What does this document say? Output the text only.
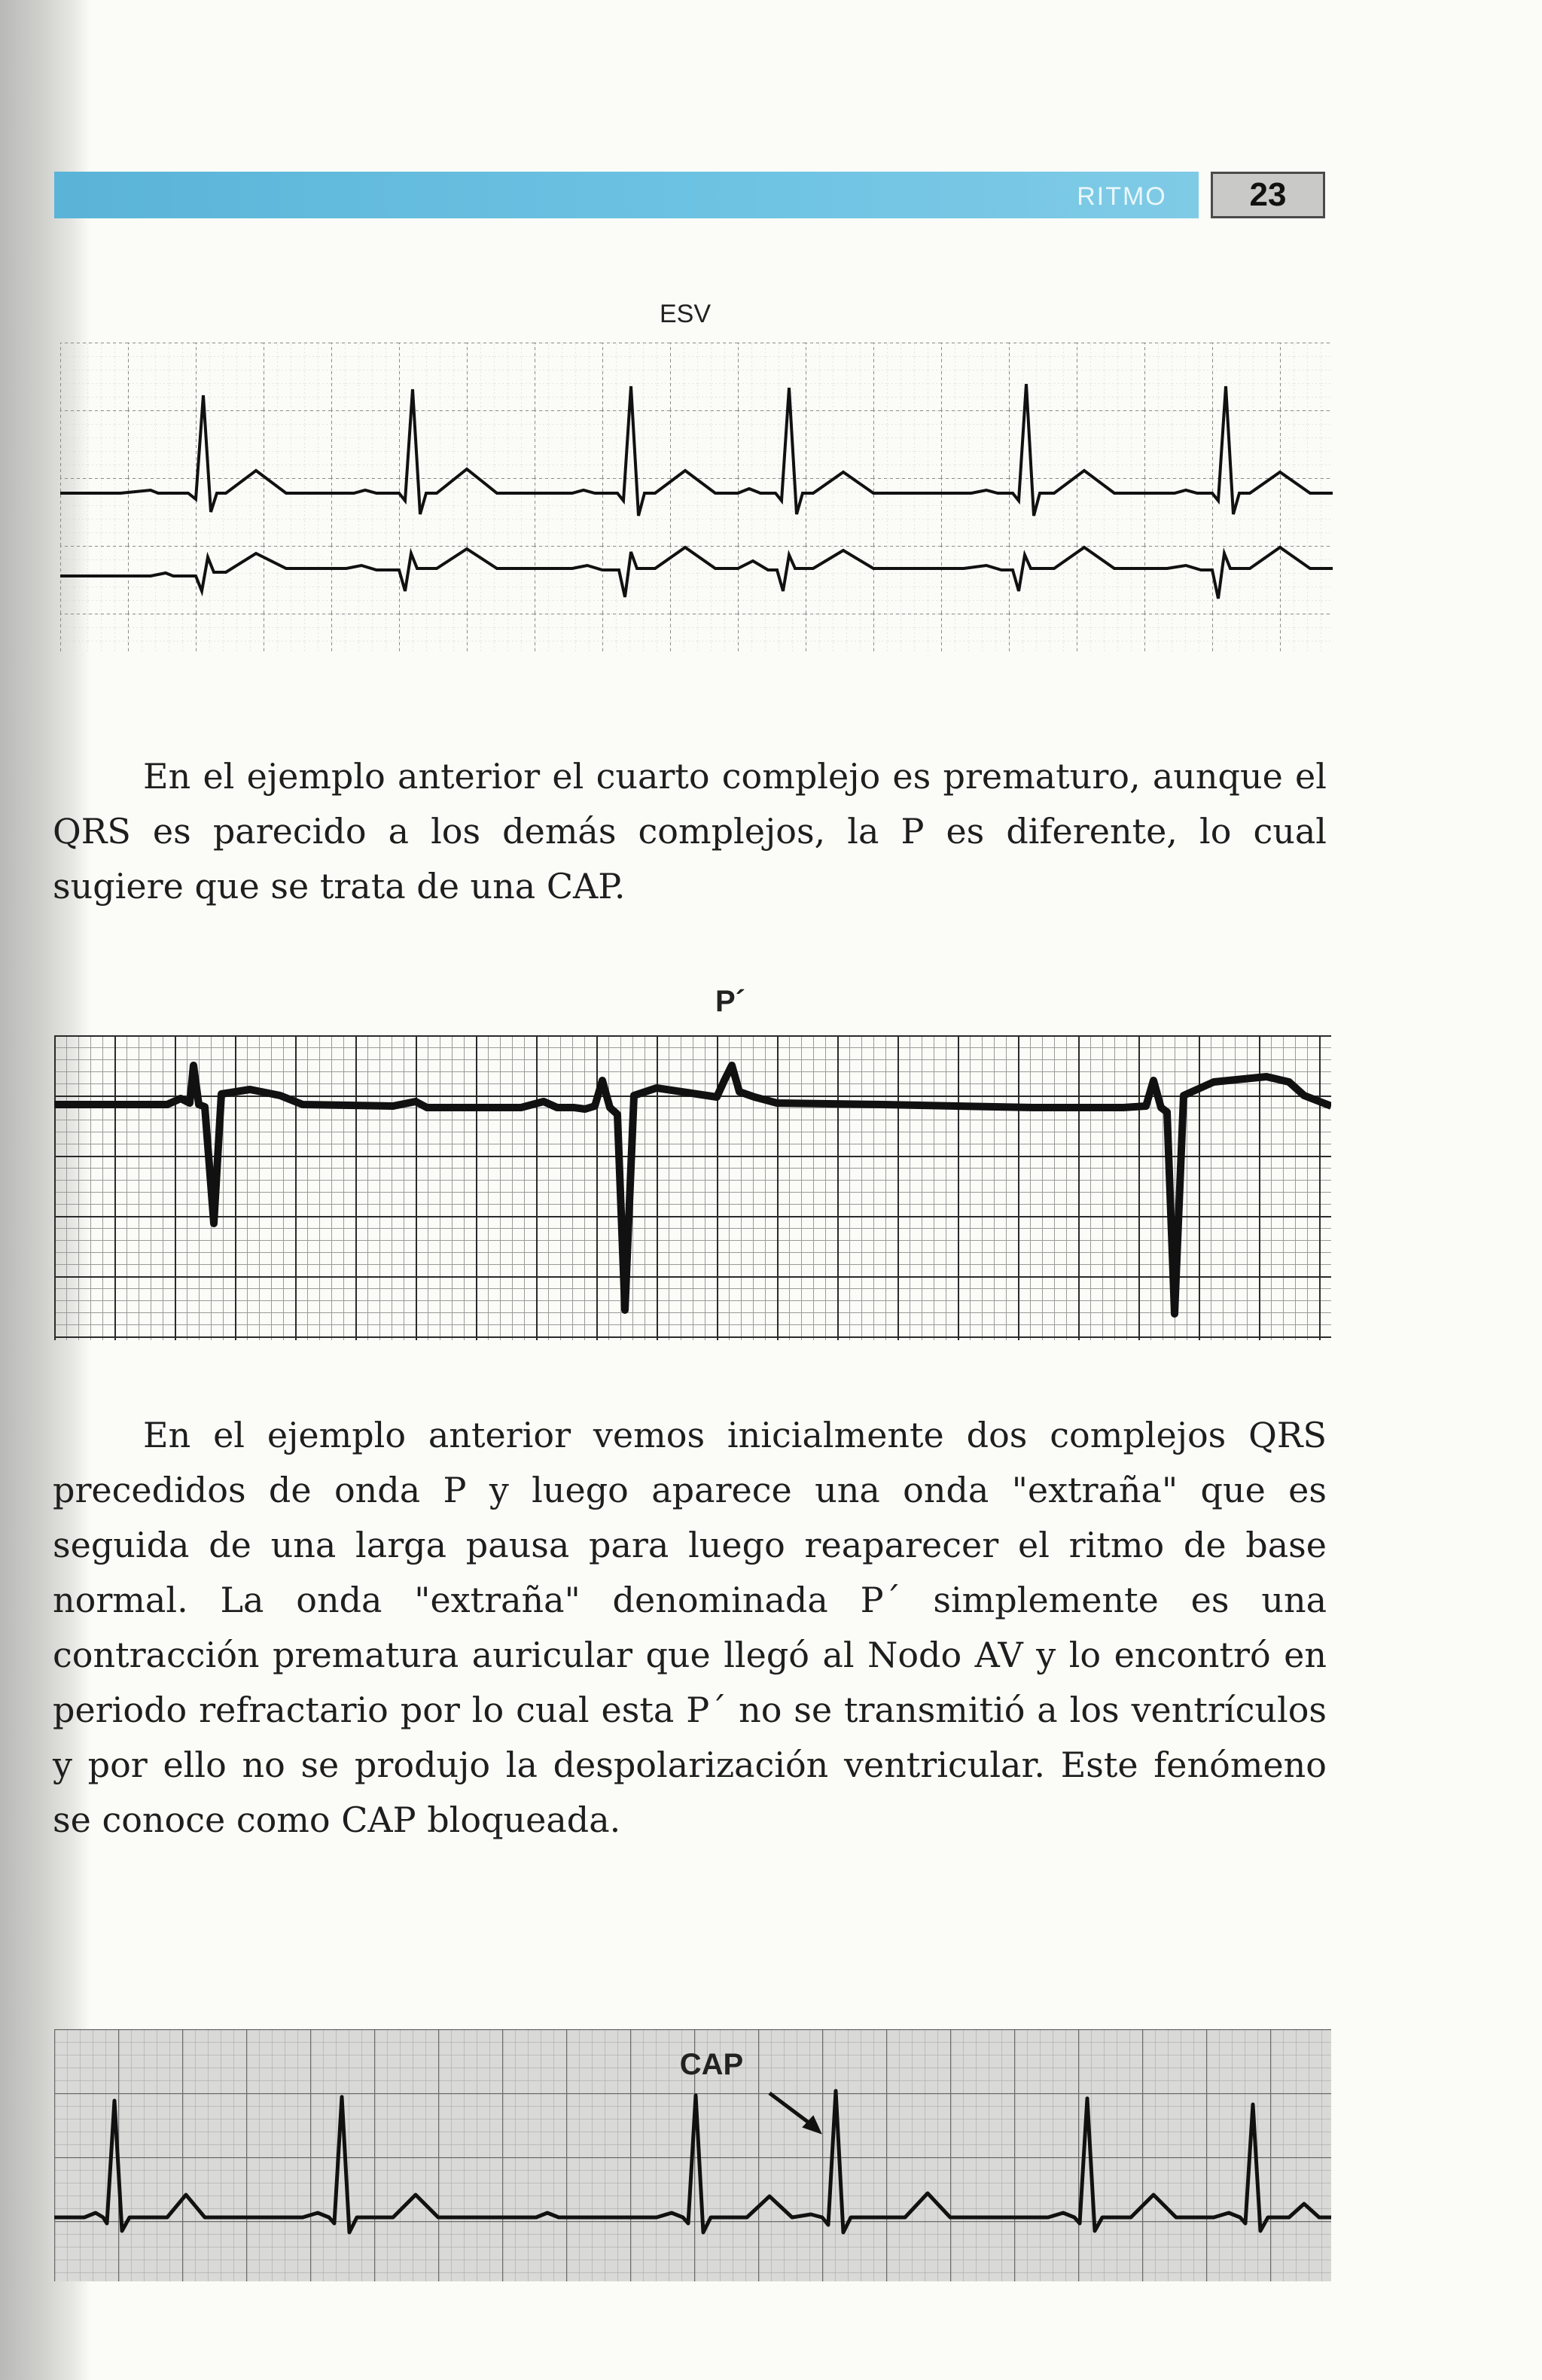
RITMO	23
ESV

En el ejemplo anterior el cuarto complejo es prematuro, aunque el QRS es parecido a los demás complejos, la P es diferente, lo cual sugiere que se trata de una CAP.

P´

En el ejemplo anterior vemos inicialmente dos complejos QRS precedidos de onda P y luego aparece una onda "extraña" que es seguida de una larga pausa para luego reaparecer el ritmo de base normal. La onda "extraña" denominada P´ simplemente es una contracción prematura auricular que llegó al Nodo AV y lo encontró en periodo refractario por lo cual esta P´ no se transmitió a los ventrículos y por ello no se produjo la despolarización ventricular. Este fenómeno se conoce como CAP bloqueada.

CAP
